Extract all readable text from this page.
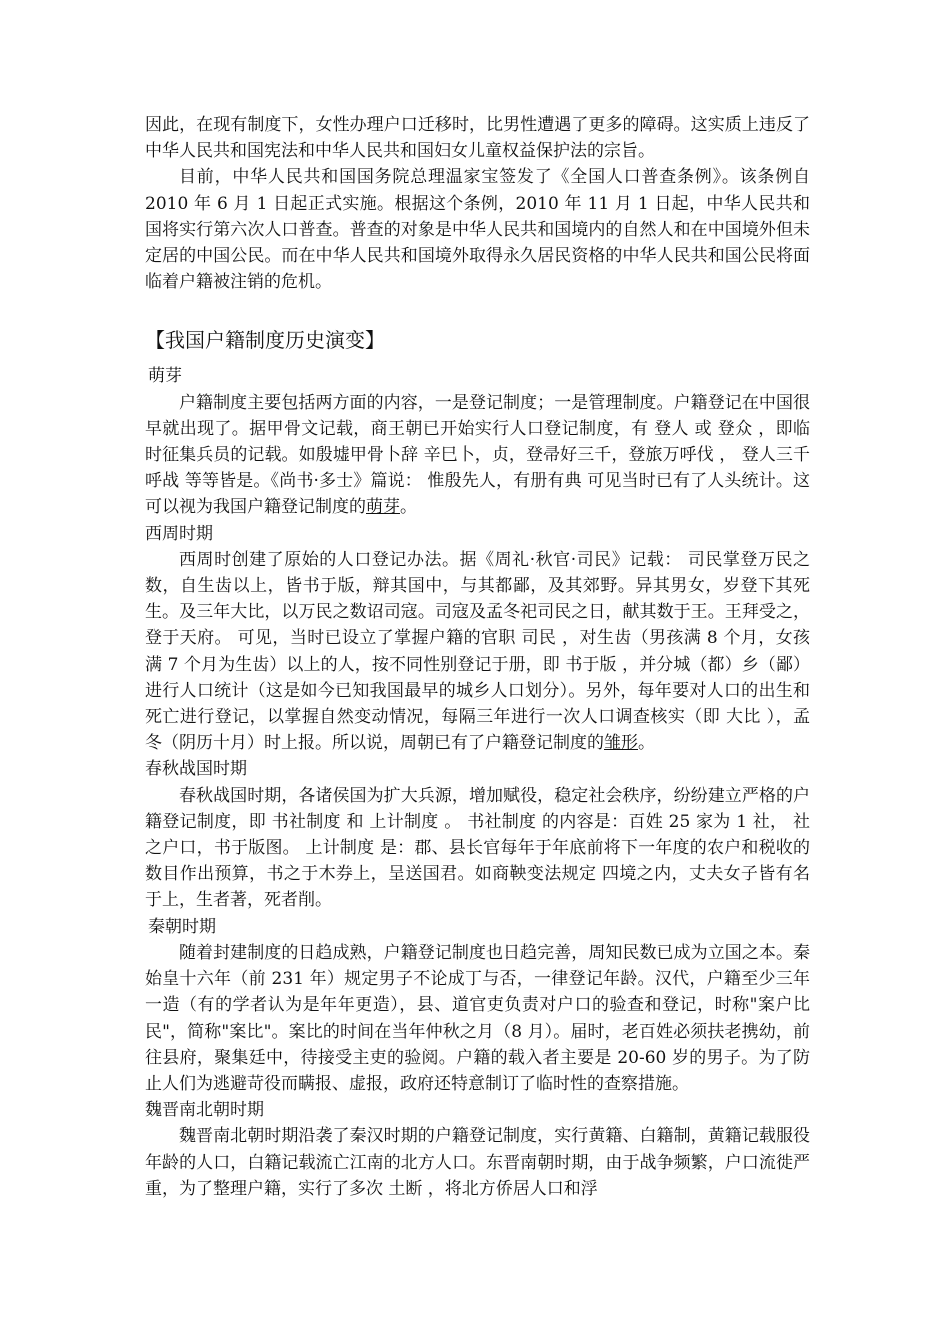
因此，在现有制度下，女性办理户口迁移时，比男性遭遇了更多的障碍。这实质上违反了中华人民共和国宪法和中华人民共和国妇女儿童权益保护法的宗旨。

目前，中华人民共和国国务院总理温家宝签发了《全国人口普查条例》。该条例自 2010 年 6 月 1 日起正式实施。根据这个条例，2010 年 11 月 1 日起，中华人民共和国将实行第六次人口普查。普查的对象是中华人民共和国境内的自然人和在中国境外但未定居的中国公民。而在中华人民共和国境外取得永久居民资格的中华人民共和国公民将面临着户籍被注销的危机。

【我国户籍制度历史演变】

萌芽

户籍制度主要包括两方面的内容，一是登记制度；一是管理制度。户籍登记在中国很早就出现了。据甲骨文记载，商王朝已开始实行人口登记制度，有 登人 或 登众 ，即临时征集兵员的记载。如殷墟甲骨卜辞 辛巳卜，贞，登帚好三千，登旅万呼伐 ， 登人三千呼战 等等皆是。《尚书·多士》篇说： 惟殷先人，有册有典 可见当时已有了人头统计。这可以视为我国户籍登记制度的萌芽。

西周时期

西周时创建了原始的人口登记办法。据《周礼·秋官·司民》记载： 司民掌登万民之数，自生齿以上，皆书于版，辩其国中，与其都鄙，及其郊野。异其男女，岁登下其死生。及三年大比，以万民之数诏司寇。司寇及孟冬祀司民之日，献其数于王。王拜受之，登于天府。 可见，当时已设立了掌握户籍的官职 司民 ，对生齿（男孩满 8 个月，女孩满 7 个月为生齿）以上的人，按不同性别登记于册，即 书于版 ，并分城（都）乡（鄙）进行人口统计（这是如今已知我国最早的城乡人口划分）。另外，每年要对人口的出生和死亡进行登记，以掌握自然变动情况，每隔三年进行一次人口调查核实（即 大比 ），孟冬（阴历十月）时上报。所以说，周朝已有了户籍登记制度的雏形。

春秋战国时期

春秋战国时期，各诸侯国为扩大兵源，增加赋役，稳定社会秩序，纷纷建立严格的户籍登记制度，即 书社制度 和 上计制度 。 书社制度 的内容是：百姓 25 家为 1 社， 社之户口，书于版图。 上计制度 是：郡、县长官每年于年底前将下一年度的农户和税收的数目作出预算，书之于木券上，呈送国君。如商鞅变法规定 四境之内，丈夫女子皆有名于上，生者著，死者削。

秦朝时期

随着封建制度的日趋成熟，户籍登记制度也日趋完善，周知民数已成为立国之本。秦始皇十六年（前 231 年）规定男子不论成丁与否，一律登记年龄。汉代，户籍至少三年一造（有的学者认为是年年更造），县、道官吏负责对户口的验查和登记，时称"案户比民"，简称"案比"。案比的时间在当年仲秋之月（8 月）。届时，老百姓必须扶老携幼，前往县府，聚集廷中，待接受主吏的验阅。户籍的载入者主要是 20-60 岁的男子。为了防止人们为逃避苛役而瞒报、虚报，政府还特意制订了临时性的查察措施。

魏晋南北朝时期

魏晋南北朝时期沿袭了秦汉时期的户籍登记制度，实行黄籍、白籍制，黄籍记载服役年龄的人口，白籍记载流亡江南的北方人口。东晋南朝时期，由于战争频繁，户口流徙严重，为了整理户籍，实行了多次 土断 ，将北方侨居人口和浮
